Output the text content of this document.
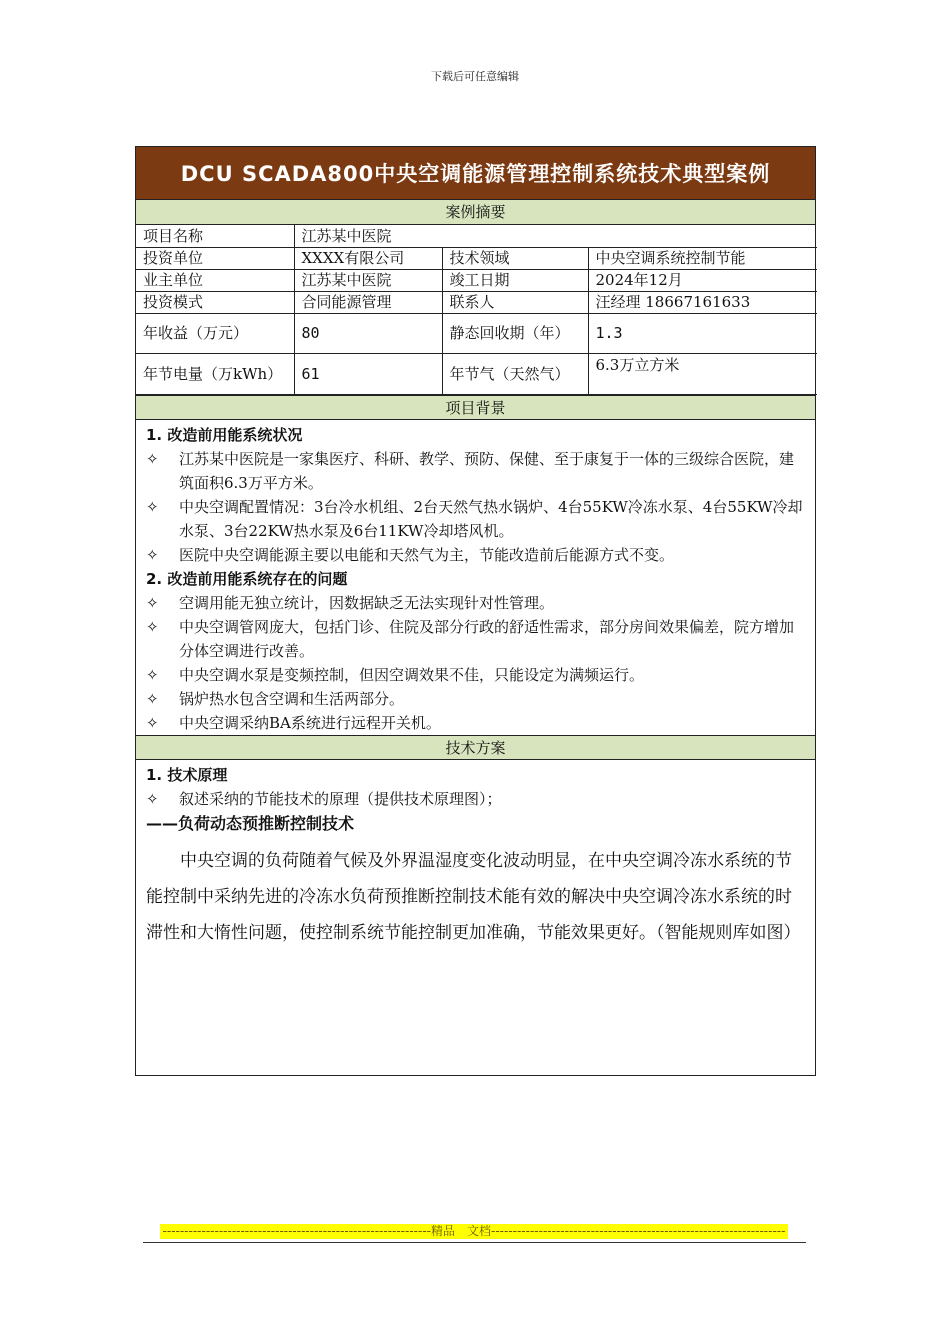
下载后可任意编辑
DCU SCADA800中央空调能源管理控制系统技术典型案例
案例摘要
项目名称	江苏某中医院		
投资单位	XXXX有限公司	技术领域	中央空调系统控制节能
业主单位	江苏某中医院	竣工日期	2024年12月
投资模式	合同能源管理	联系人	汪经理 18667161633
年收益（万元）	80	静态回收期（年）	1.3
年节电量（万kWh）	61	年节气（天然气）	6.3万立方米
项目背景
1. 改造前用能系统状况
✧	江苏某中医院是一家集医疗、科研、教学、预防、保健、至于康复于一体的三级综合医院，建筑面积6.3万平方米。
✧	中央空调配置情况：3台冷水机组、2台天然气热水锅炉、4台55KW冷冻水泵、4台55KW冷却水泵、3台22KW热水泵及6台11KW冷却塔风机。
✧	医院中央空调能源主要以电能和天然气为主，节能改造前后能源方式不变。
2. 改造前用能系统存在的问题
✧	空调用能无独立统计，因数据缺乏无法实现针对性管理。
✧	中央空调管网庞大，包括门诊、住院及部分行政的舒适性需求，部分房间效果偏差，院方增加分体空调进行改善。
✧	中央空调水泵是变频控制，但因空调效果不佳，只能设定为满频运行。
✧	锅炉热水包含空调和生活两部分。
✧	中央空调采纳BA系统进行远程开关机。
技术方案
1. 技术原理
✧	叙述采纳的节能技术的原理（提供技术原理图）；
——负荷动态预推断控制技术
中央空调的负荷随着气候及外界温湿度变化波动明显，在中央空调冷冻水系统的节能控制中采纳先进的冷冻水负荷预推断控制技术能有效的解决中央空调冷冻水系统的时滞性和大惰性问题，使控制系统节能控制更加准确，节能效果更好。（智能规则库如图）
--------------------------------------------------------------精品　文档--------------------------------------------------------------------
